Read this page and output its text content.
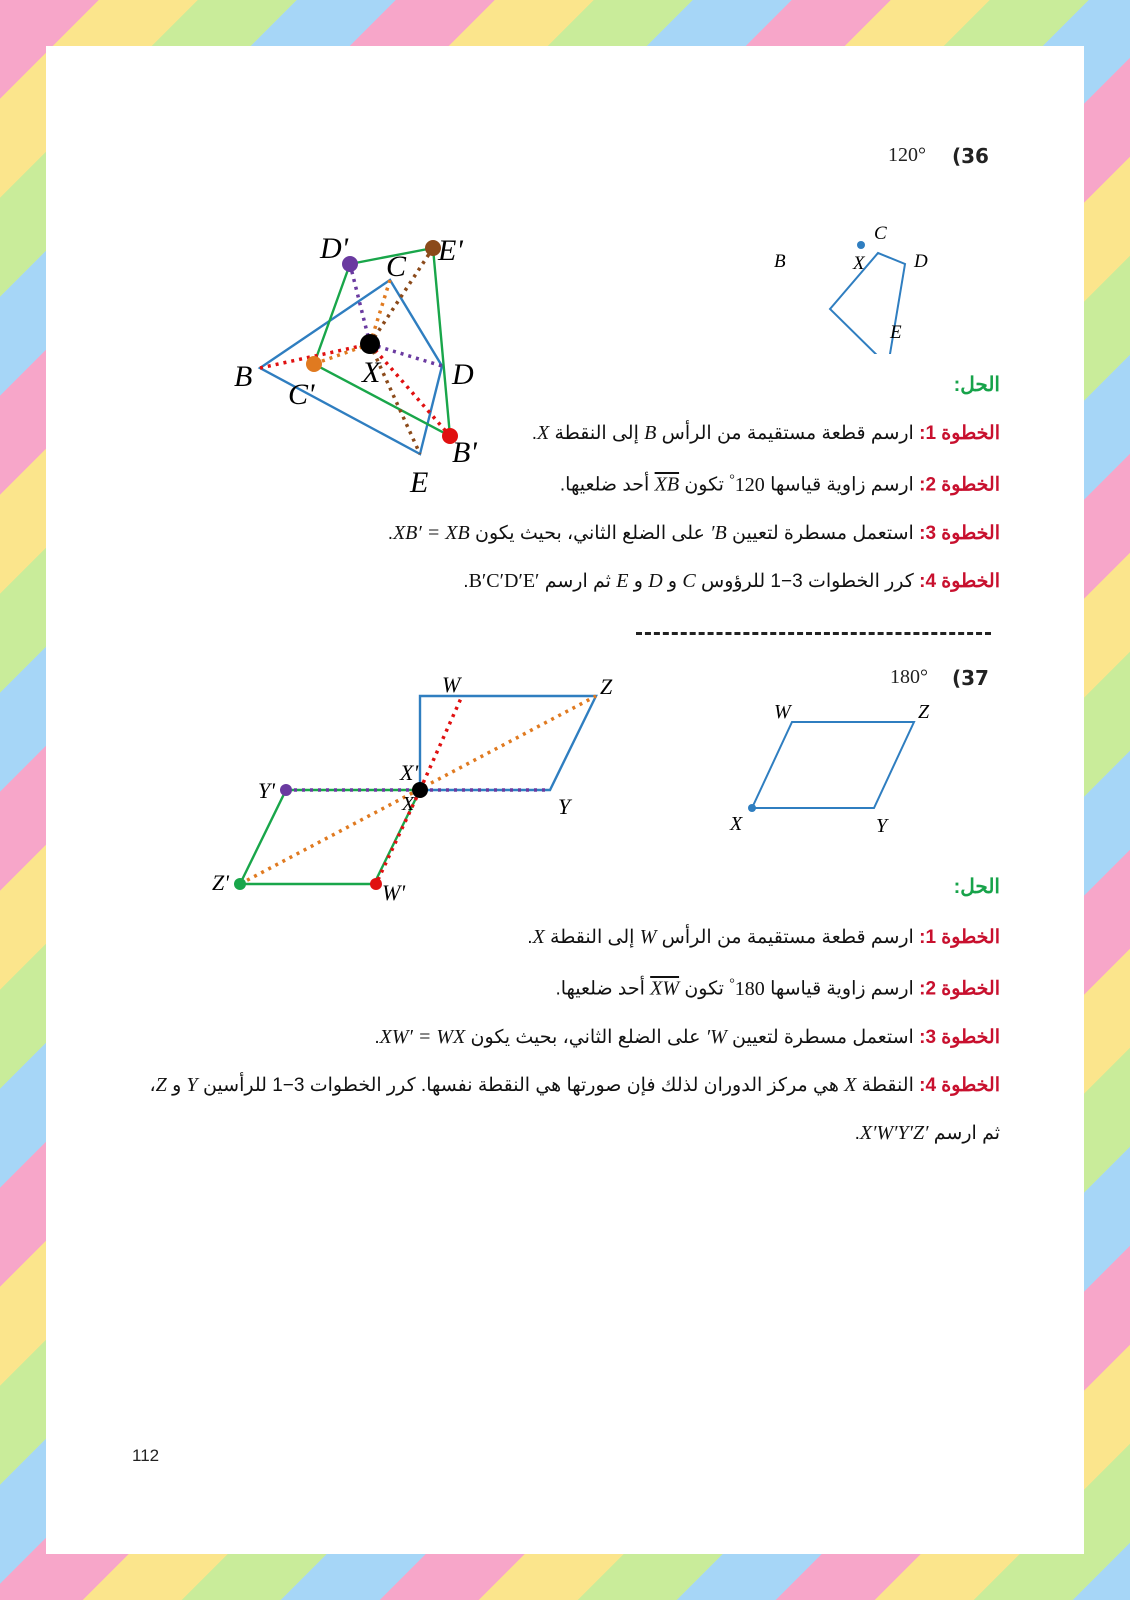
(36
120°
B
C
D
E
X
D'	E'
C
B
C'
X D
B'
E
الحل:
الخطوة 1: ارسم قطعة مستقيمة من الرأس B إلى النقطة X.
الخطوة 2: ارسم زاوية قياسها °120 تكون XB أحد ضلعيها.
الخطوة 3: استعمل مسطرة لتعيين B′ على الضلع الثاني، بحيث يكون XB′ = XB.
الخطوة 4: كرر الخطوات 3−1 للرؤوس C و D و E ثم ارسم B′C′D′E′.
(37
180°
W	Z
X	Y
W	Z
X'
X
Y'
Y
Z'	W'	الحل:
الخطوة 1: ارسم قطعة مستقيمة من الرأس W إلى النقطة X.
الخطوة 2: ارسم زاوية قياسها °180 تكون XW أحد ضلعيها.
الخطوة 3: استعمل مسطرة لتعيين W′ على الضلع الثاني، بحيث يكون XW′ = WX.
الخطوة 4: النقطة X هي مركز الدوران لذلك فإن صورتها هي النقطة نفسها. كرر الخطوات 3−1 للرأسين Y و Z،
ثم ارسم X′W′Y′Z′.
112
